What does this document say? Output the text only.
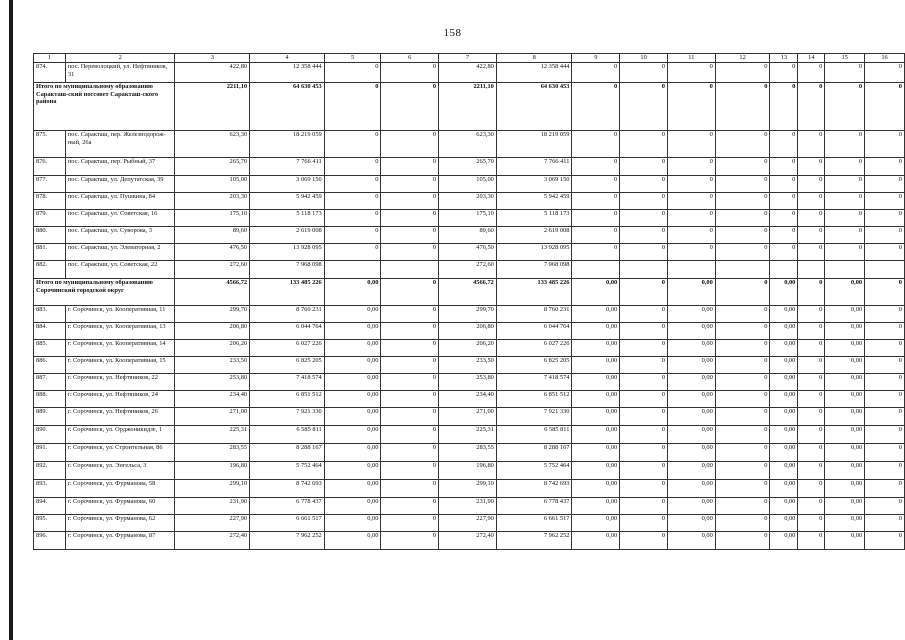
158
1	2	3	4	5	6	7	8	9	10	11	12	13	14	15	16
874.	пос. Переволоцкий, ул. Нефтяников, 31	422,80	12 358 444	0	0	422,80	12 358 444	0	0	0	0	0	0	0	0
Итого по муниципальному образованию Саракташ-ский поссовет Саракташ-ского района		2211,10	64 630 453	0	0	2211,10	64 630 453	0	0	0	0	0	0	0	0
875.	пос. Саракташ, пер. Железнодорож-ный, 26а	623,30	18 219 059	0	0	623,30	18 219 059	0	0	0	0	0	0	0	0
876.	пос. Саракташ, пер. Рыбный, 37	265,70	7 766 411	0	0	265,70	7 766 411	0	0	0	0	0	0	0	0
877.	пос. Саракташ, ул. Депутатская, 39	105,00	3 069 150	0	0	105,00	3 069 150	0	0	0	0	0	0	0	0
878.	пос. Саракташ, ул. Пушкина, 84	203,30	5 942 459	0	0	203,30	5 942 459	0	0	0	0	0	0	0	0
879.	пос. Саракташ, ул. Советская, 16	175,10	5 118 173	0	0	175,10	5 118 173	0	0	0	0	0	0	0	0
880.	пос. Саракташ, ул. Суворова, 3	89,60	2 619 008	0	0	89,60	2 619 008	0	0	0	0	0	0	0	0
881.	пос. Саракташ, ул. Элеваторная, 2	476,50	13 928 095	0	0	476,50	13 928 095	0	0	0	0	0	0	0	0
882.	пос. Саракташ, ул. Советская, 22	272,60	7 968 098			272,60	7 968 098								
Итого по муниципальному образованию Сорочинский городской округ		4566,72	133 485 226	0,00	0	4566,72	133 485 226	0,00	0	0,00	0	0,00	0	0,00	0
883.	г. Сорочинск, ул. Кооперативная, 11	299,70	8 760 231	0,00	0	299,70	8 760 231	0,00	0	0,00	0	0,00	0	0,00	0
884.	г. Сорочинск, ул. Кооперативная, 13	206,80	6 044 764	0,00	0	206,80	6 044 764	0,00	0	0,00	0	0,00	0	0,00	0
885.	г. Сорочинск, ул. Кооперативная, 14	206,20	6 027 226	0,00	0	206,20	6 027 226	0,00	0	0,00	0	0,00	0	0,00	0
886.	г. Сорочинск, ул. Кооперативная, 15	233,50	6 825 205	0,00	0	233,50	6 825 205	0,00	0	0,00	0	0,00	0	0,00	0
887.	г. Сорочинск, ул. Нефтяников, 22	253,80	7 418 574	0,00	0	253,80	7 418 574	0,00	0	0,00	0	0,00	0	0,00	0
888.	г. Сорочинск, ул. Нефтяников, 24	234,40	6 851 512	0,00	0	234,40	6 851 512	0,00	0	0,00	0	0,00	0	0,00	0
889.	г. Сорочинск, ул. Нефтяников, 26	271,00	7 921 330	0,00	0	271,00	7 921 330	0,00	0	0,00	0	0,00	0	0,00	0
890.	г. Сорочинск, ул. Орджоникидзе, 1	225,31	6 585 811	0,00	0	225,31	6 585 811	0,00	0	0,00	0	0,00	0	0,00	0
891.	г. Сорочинск, ул. Строительная, 86	283,55	8 288 167	0,00	0	283,55	8 288 167	0,00	0	0,00	0	0,00	0	0,00	0
892.	г. Сорочинск, ул. Энгельса, 3	196,80	5 752 464	0,00	0	196,80	5 752 464	0,00	0	0,00	0	0,00	0	0,00	0
893.	г. Сорочинск, ул. Фурманова, 58	299,10	8 742 693	0,00	0	299,10	8 742 693	0,00	0	0,00	0	0,00	0	0,00	0
894.	г. Сорочинск, ул. Фурманова, 60	231,90	6 778 437	0,00	0	231,90	6 778 437	0,00	0	0,00	0	0,00	0	0,00	0
895.	г. Сорочинск, ул. Фурманова, 62	227,90	6 661 517	0,00	0	227,90	6 661 517	0,00	0	0,00	0	0,00	0	0,00	0
896.	г. Сорочинск, ул. Фурманова, 87	272,40	7 962 252	0,00	0	272,40	7 962 252	0,00	0	0,00	0	0,00	0	0,00	0
